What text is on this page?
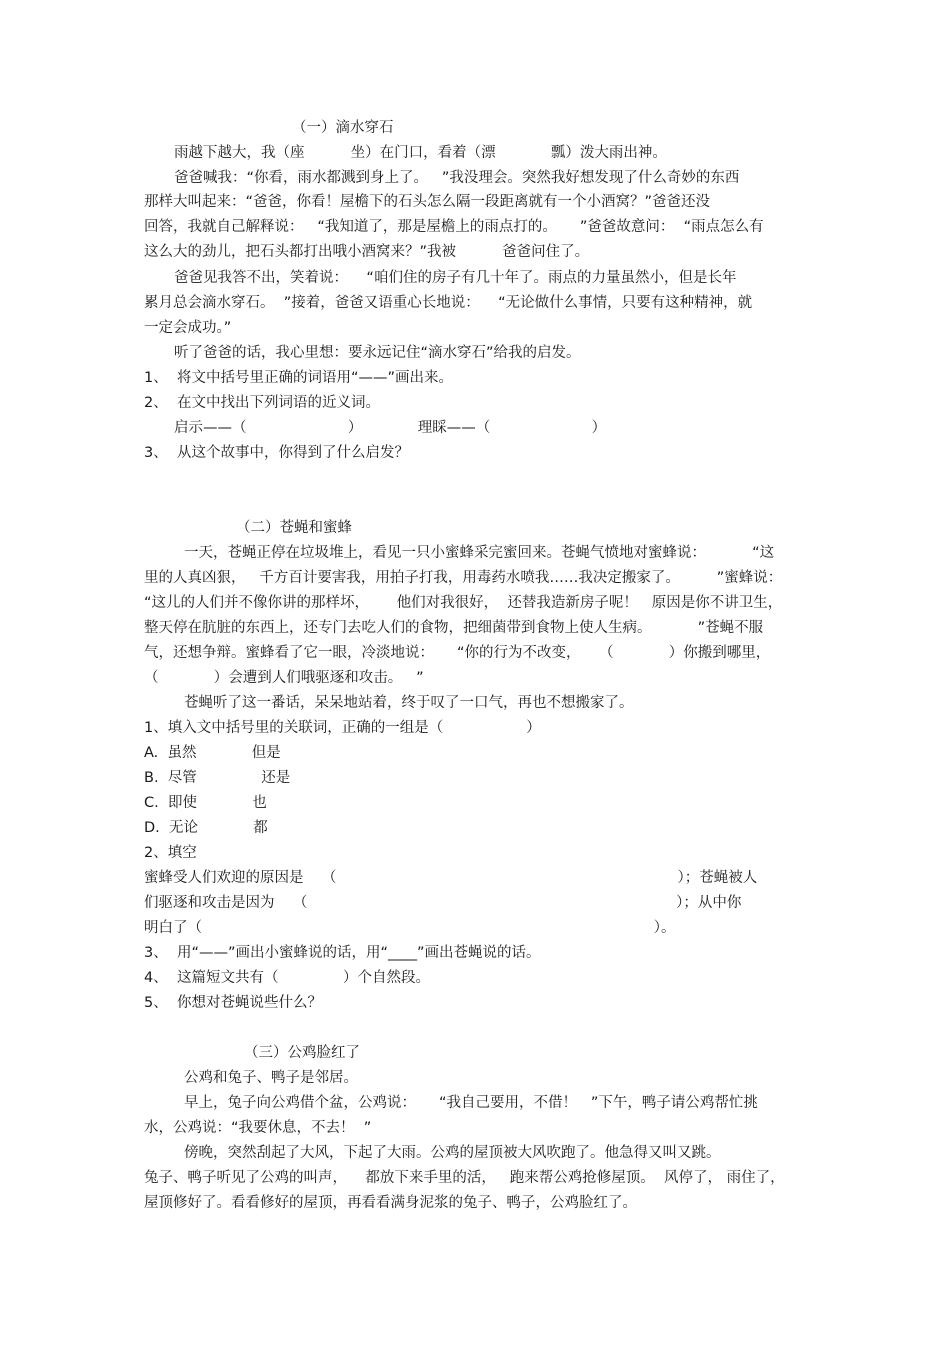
（一）滴水穿石
雨越下越大，我（座          坐）在门口，看着（漂            瓢）泼大雨出神。
爸爸喊我：“你看，雨水都溅到身上了。   ”我没理会。突然我好想发现了什么奇妙的东西
那样大叫起来：“爸爸，你看！屋檐下的石头怎么隔一段距离就有一个小酒窝？”爸爸还没
回答，我就自己解释说：   “我知道了，那是屋檐上的雨点打的。     ”爸爸故意问：  “雨点怎么有
这么大的劲儿，把石头都打出哦小酒窝来？”我被          爸爸问住了。
爸爸见我答不出，笑着说：    “咱们住的房子有几十年了。雨点的力量虽然小，但是长年
累月总会滴水穿石。  ”接着，爸爸又语重心长地说：    “无论做什么事情，只要有这种精神，就
一定会成功。”
听了爸爸的话，我心里想：要永远记住“滴水穿石”给我的启发。
1、  将文中括号里正确的词语用“——”画出来。
2、  在文中找出下列词语的近义词。
启示——（                      ）            理睬——（                      ）
3、  从这个故事中，你得到了什么启发？
（二）苍蝇和蜜蜂
一天，苍蝇正停在垃圾堆上，看见一只小蜜蜂采完蜜回来。苍蝇气愤地对蜜蜂说：          “这
里的人真凶狠，   千方百计要害我，用拍子打我，用毒药水喷我……我决定搬家了。        ”蜜蜂说：
“这儿的人们并不像你讲的那样坏，      他们对我很好，  还替我造新房子呢！   原因是你不讲卫生，
整天停在肮脏的东西上，还专门去吃人们的食物，把细菌带到食物上使人生病。          ”苍蝇不服
气，还想争辩。蜜蜂看了它一眼，冷淡地说：     “你的行为不改变，    （            ）你搬到哪里，
（            ）会遭到人们哦驱逐和攻击。   ”
苍蝇听了这一番话，呆呆地站着，终于叹了一口气，再也不想搬家了。
1、填入文中括号里的关联词，正确的一组是（                  ）
A.  虽然            但是
B.  尽管              还是
C.  即使            也
D.  无论            都
2、填空
蜜蜂受人们欢迎的原因是    （                                                                          ）；苍蝇被人
们驱逐和攻击是因为    （                                                                                ）；从中你
明白了（                                                                                                  ）。
3、  用“——”画出小蜜蜂说的话，用“____”画出苍蝇说的话。
4、  这篇短文共有（              ）个自然段。
5、  你想对苍蝇说些什么？
（三）公鸡脸红了
公鸡和兔子、鸭子是邻居。
早上，兔子向公鸡借个盆，公鸡说：     “我自己要用，不借！   ”下午，鸭子请公鸡帮忙挑
水，公鸡说：“我要休息，不去！  ”
傍晚，突然刮起了大风，下起了大雨。公鸡的屋顶被大风吹跑了。他急得又叫又跳。
兔子、鸭子听见了公鸡的叫声，    都放下来手里的活，   跑来帮公鸡抢修屋顶。  风停了， 雨住了，
屋顶修好了。看看修好的屋顶，再看看满身泥浆的兔子、鸭子，公鸡脸红了。
